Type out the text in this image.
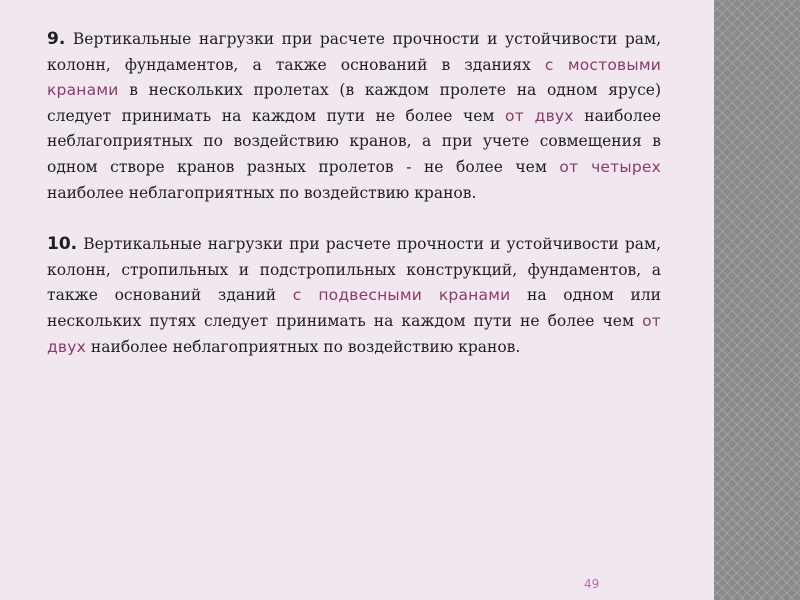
9. Вертикальные нагрузки при расчете прочности и устойчивости рам, колонн, фундаментов, а также оснований в зданиях с мостовыми кранами в нескольких пролетах (в каждом пролете на одном ярусе) следует принимать на каждом пути не более чем от двух наиболее неблагоприятных по воздействию кранов, а при учете совмещения в одном створе кранов разных пролетов - не более чем от четырех наиболее неблагоприятных по воздействию кранов.

10. Вертикальные нагрузки при расчете прочности и устойчивости рам, колонн, стропильных и подстропильных конструкций, фундаментов, а также оснований зданий с подвесными кранами на одном или нескольких путях следует принимать на каждом пути не более чем от двух наиболее неблагоприятных по воздействию кранов.

49
